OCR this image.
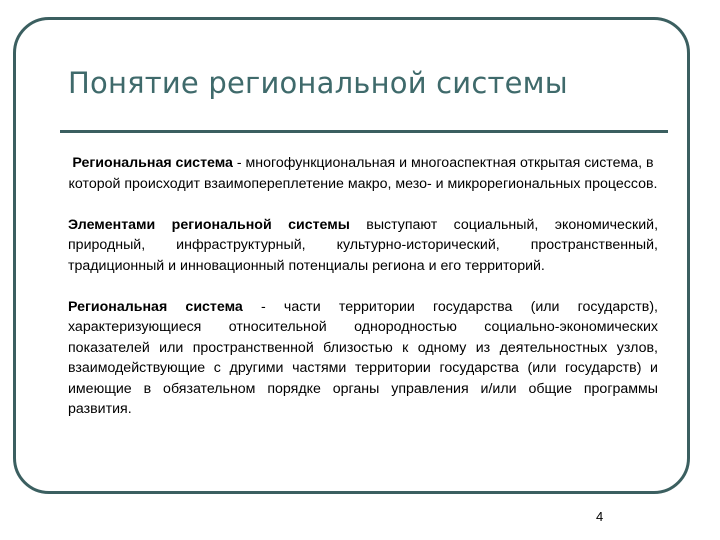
Понятие региональной системы

Региональная система - многофункциональная и многоаспектная открытая система, в которой происходит взаимопереплетение макро, мезо- и микрорегиональных процессов.

Элементами региональной системы выступают социальный, экономический, природный, инфраструктурный, культурно-исторический, пространственный, традиционный и инновационный потенциалы региона и его территорий.

Региональная система - части территории государства (или государств), характеризующиеся относительной однородностью социально-экономических показателей или пространственной близостью к одному из деятельностных узлов, взаимодействующие с другими частями территории государства (или государств) и имеющие в обязательном порядке органы управления и/или общие программы развития.

4
